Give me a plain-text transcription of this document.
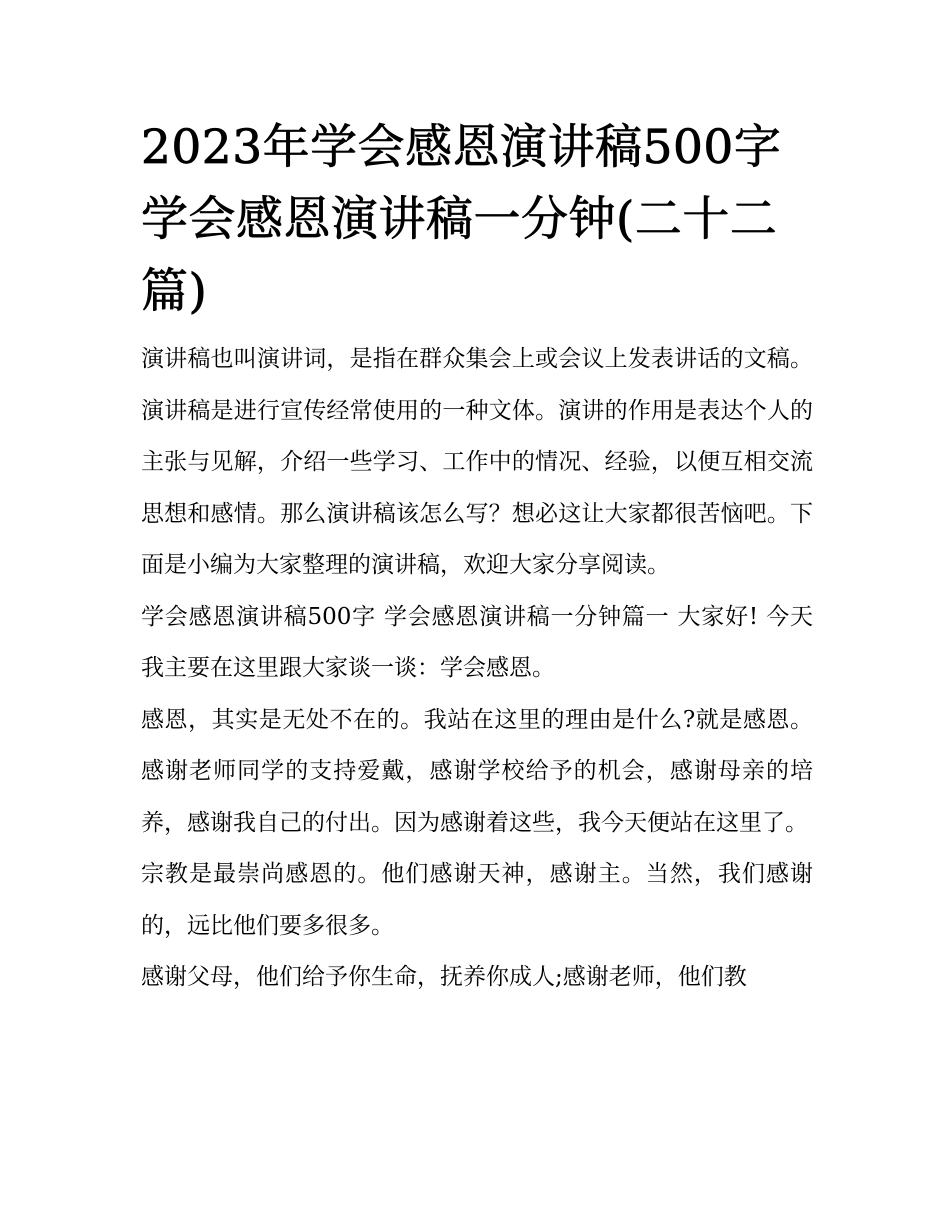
2023年学会感恩演讲稿500字 学会感恩演讲稿一分钟(二十二篇)

演讲稿也叫演讲词，是指在群众集会上或会议上发表讲话的文稿。演讲稿是进行宣传经常使用的一种文体。演讲的作用是表达个人的主张与见解，介绍一些学习、工作中的情况、经验，以便互相交流思想和感情。那么演讲稿该怎么写？想必这让大家都很苦恼吧。下面是小编为大家整理的演讲稿，欢迎大家分享阅读。

学会感恩演讲稿500字 学会感恩演讲稿一分钟篇一 大家好! 今天我主要在这里跟大家谈一谈：学会感恩。

感恩，其实是无处不在的。我站在这里的理由是什么?就是感恩。感谢老师同学的支持爱戴，感谢学校给予的机会，感谢母亲的培养，感谢我自己的付出。因为感谢着这些，我今天便站在这里了。

宗教是最崇尚感恩的。他们感谢天神，感谢主。当然，我们感谢的，远比他们要多很多。

感谢父母，他们给予你生命，抚养你成人;感谢老师，他们教
